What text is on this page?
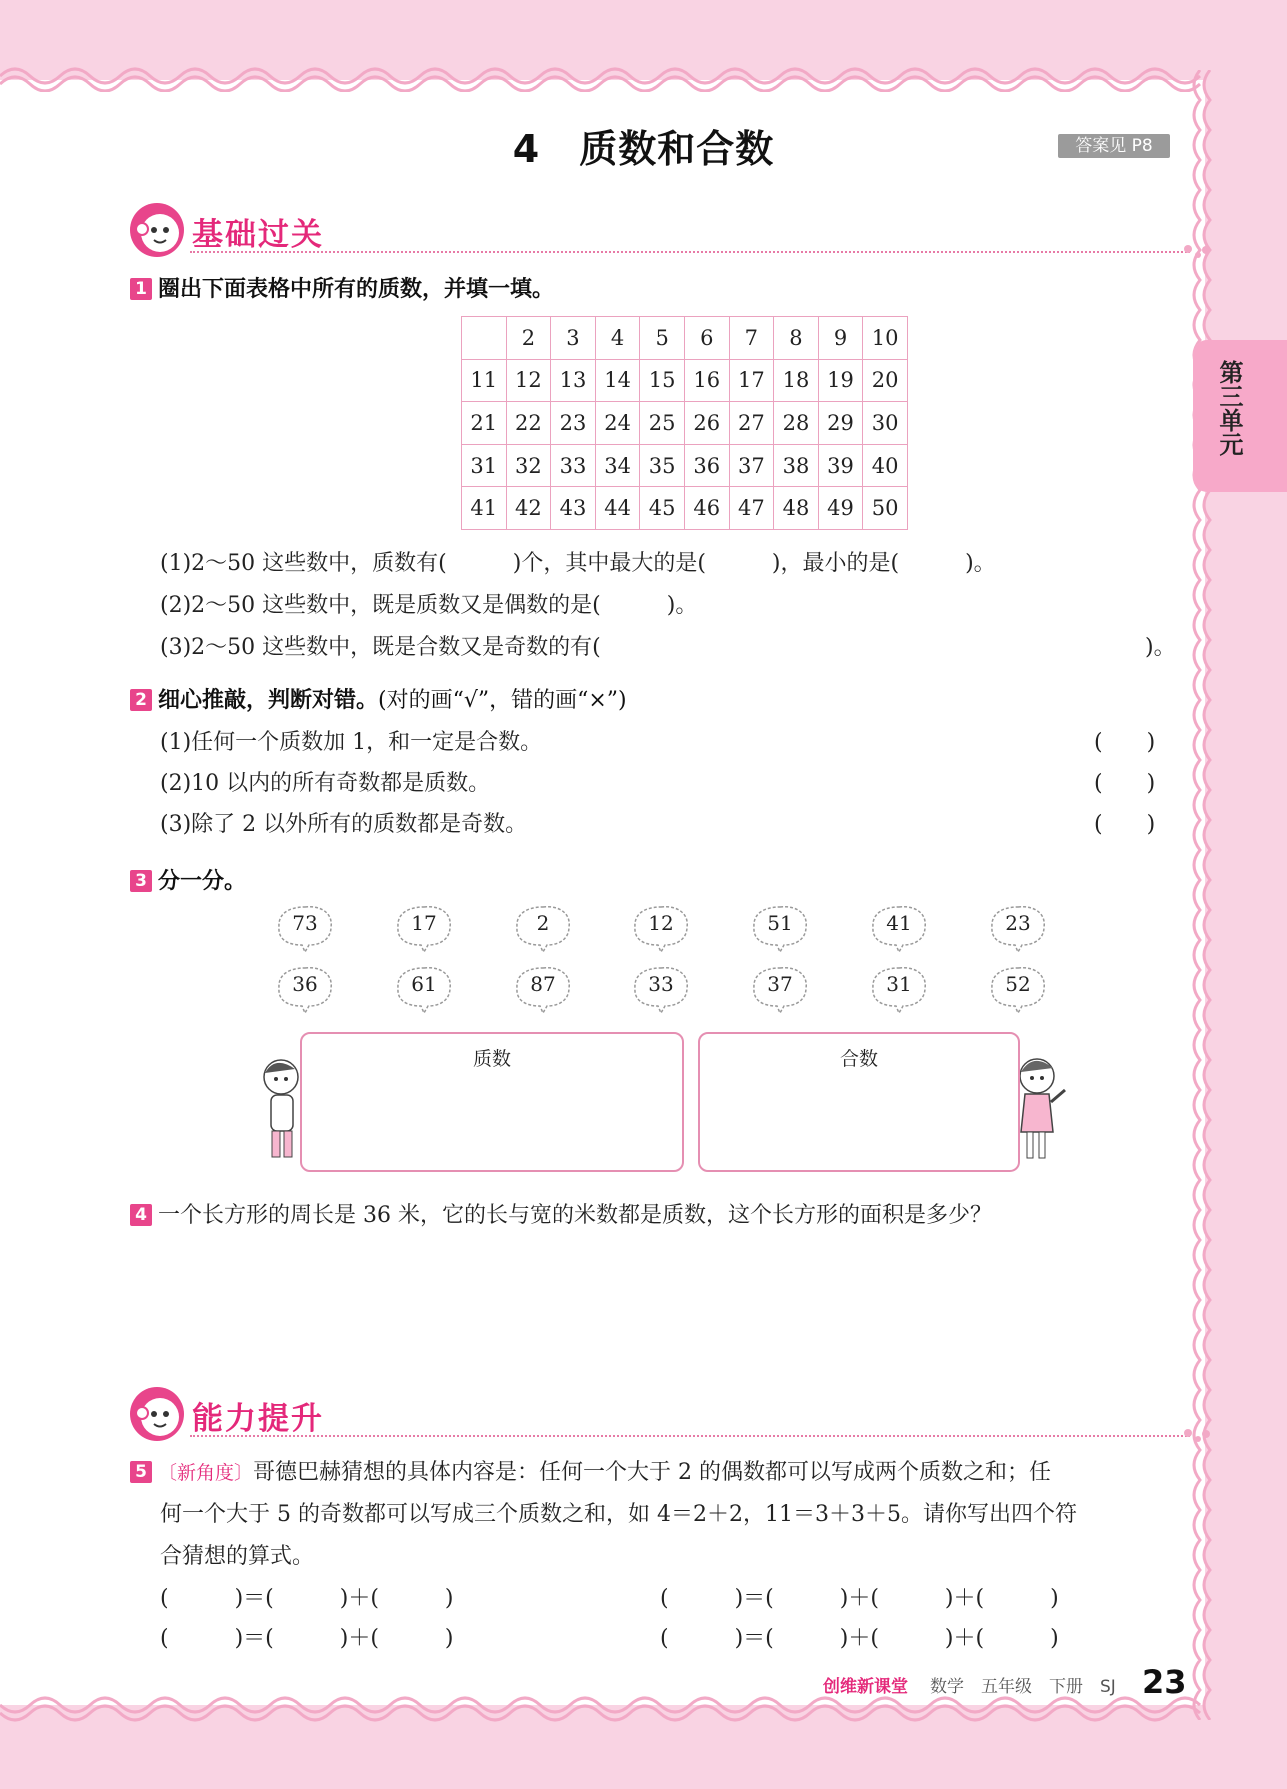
4　质数和合数	答案见 P8
第三单元
基础过关
1 圈出下面表格中所有的质数，并填一填。
	2	3	4	5	6	7	8	9	10
11	12	13	14	15	16	17	18	19	20
21	22	23	24	25	26	27	28	29	30
31	32	33	34	35	36	37	38	39	40
41	42	43	44	45	46	47	48	49	50
(1)2～50 这些数中，质数有(　　　)个，其中最大的是(　　　)，最小的是(　　　)。
(2)2～50 这些数中，既是质数又是偶数的是(　　　)。
(3)2～50 这些数中，既是合数又是奇数的有(	)。
2 细心推敲，判断对错。(对的画“√”，错的画“×”)
(1)任何一个质数加 1，和一定是合数。	(　　)
(2)10 以内的所有奇数都是质数。	(　　)
(3)除了 2 以外所有的质数都是奇数。	(　　)
3 分一分。
73	17	2	12	51	41	23
36	61	87	33	37	31	52
质数	合数
4 一个长方形的周长是 36 米，它的长与宽的米数都是质数，这个长方形的面积是多少？
能力提升
5 〔新角度〕哥德巴赫猜想的具体内容是：任何一个大于 2 的偶数都可以写成两个质数之和；任
何一个大于 5 的奇数都可以写成三个质数之和，如 4＝2＋2，11＝3＋3＋5。请你写出四个符
合猜想的算式。
(　　　)＝(　　　)＋(　　　)	(　　　)＝(　　　)＋(　　　)＋(　　　)
(　　　)＝(　　　)＋(　　　)	(　　　)＝(　　　)＋(　　　)＋(　　　)
创维新课堂 数学　五年级　下册　SJ 23
